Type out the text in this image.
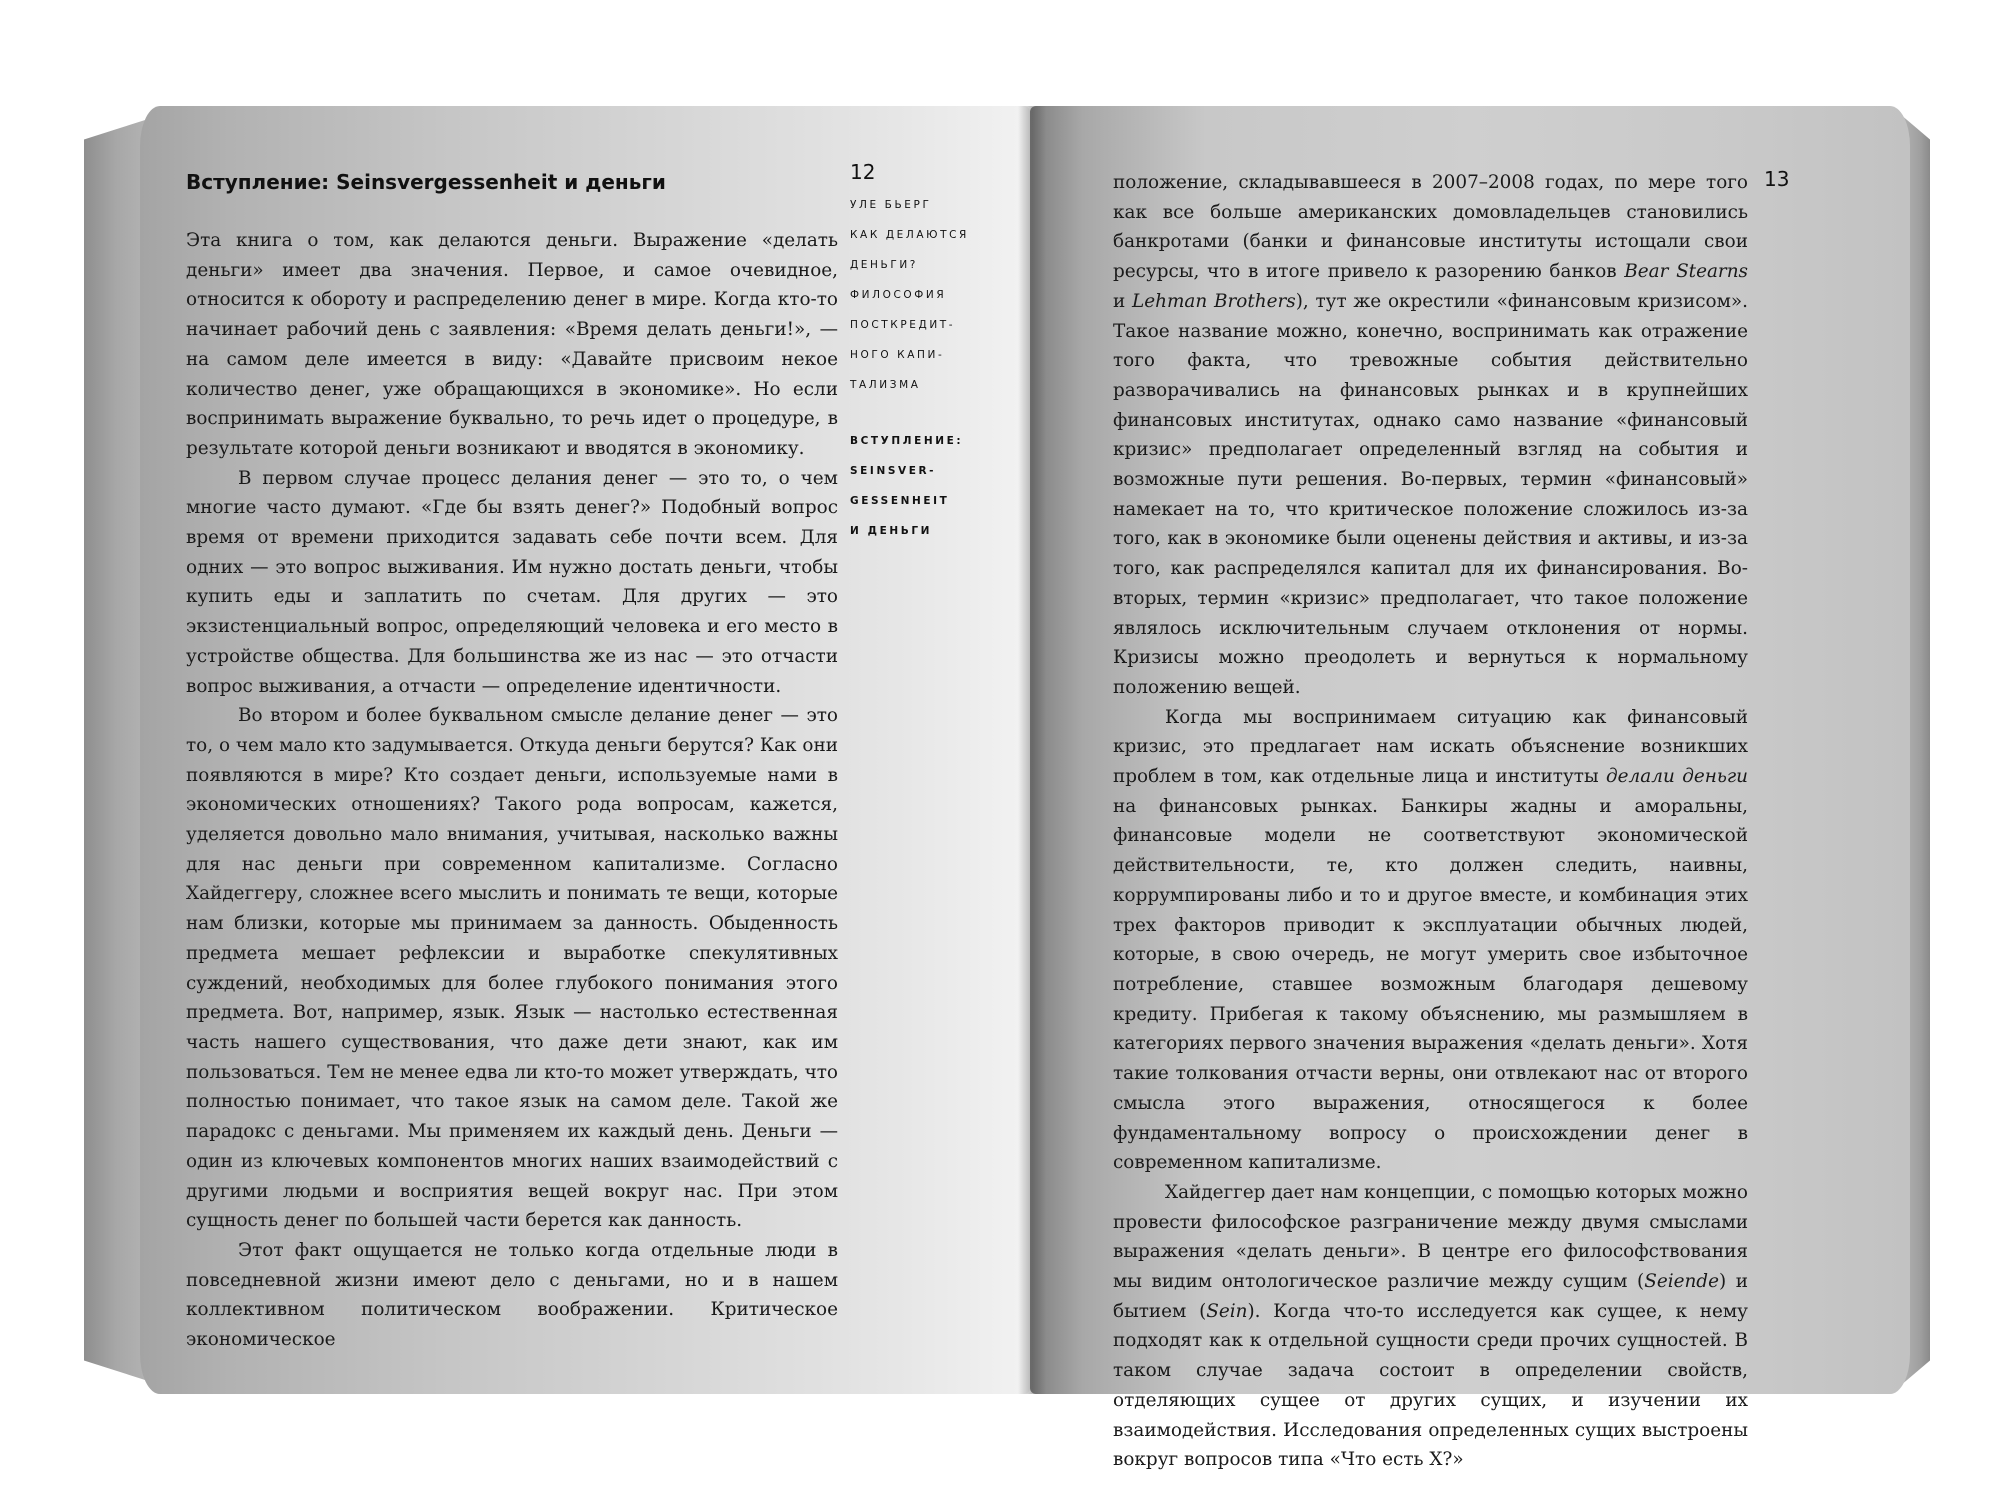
Вступление: Seinsvergessenheit и деньги

Эта книга о том, как делаются деньги. Выражение «делать деньги» имеет два значения. Первое, и самое очевидное, относится к обороту и распределению денег в мире. Когда кто-то начинает рабочий день с заявления: «Время делать деньги!», — на самом деле имеется в виду: «Давайте присвоим некое количество денег, уже обращающихся в экономике». Но если воспринимать выражение буквально, то речь идет о процедуре, в результате которой деньги возникают и вводятся в экономику.

В первом случае процесс делания денег — это то, о чем многие часто думают. «Где бы взять денег?» Подобный вопрос время от времени приходится задавать себе почти всем. Для одних — это вопрос выживания. Им нужно достать деньги, чтобы купить еды и заплатить по счетам. Для других — это экзистенциальный вопрос, определяющий человека и его место в устройстве общества. Для большинства же из нас — это отчасти вопрос выживания, а отчасти — определение идентичности.

Во втором и более буквальном смысле делание денег — это то, о чем мало кто задумывается. Откуда деньги берутся? Как они появляются в мире? Кто создает деньги, используемые нами в экономических отношениях? Такого рода вопросам, кажется, уделяется довольно мало внимания, учитывая, насколько важны для нас деньги при современном капитализме. Согласно Хайдеггеру, сложнее всего мыслить и понимать те вещи, которые нам близки, которые мы принимаем за данность. Обыденность предмета мешает рефлексии и выработке спекулятивных суждений, необходимых для более глубокого понимания этого предмета. Вот, например, язык. Язык — настолько естественная часть нашего существования, что даже дети знают, как им пользоваться. Тем не менее едва ли кто-то может утверждать, что полностью понимает, что такое язык на самом деле. Такой же парадокс с деньгами. Мы применяем их каждый день. Деньги — один из ключевых компонентов многих наших взаимодействий с другими людьми и восприятия вещей вокруг нас. При этом сущность денег по большей части берется как данность.

Этот факт ощущается не только когда отдельные люди в повседневной жизни имеют дело с деньгами, но и в нашем коллективном политическом воображении. Критическое экономическое

12
УЛЕ БЬЕРГ
КАК ДЕЛАЮТСЯ
ДЕНЬГИ?
ФИЛОСОФИЯ
ПОСТКРЕДИТ-
НОГО КАПИ-
ТАЛИЗМА
ВСТУПЛЕНИЕ:
SEINSVER-
GESSENHEIT
И ДЕНЬГИ
13

положение, складывавшееся в 2007–2008 годах, по мере того как все больше американских домовладельцев становились банкротами (банки и финансовые институты истощали свои ресурсы, что в итоге привело к разорению банков Bear Stearns и Lehman Brothers), тут же окрестили «финансовым кризисом». Такое название можно, конечно, воспринимать как отражение того факта, что тревожные события действительно разворачивались на финансовых рынках и в крупнейших финансовых институтах, однако само название «финансовый кризис» предполагает определенный взгляд на события и возможные пути решения. Во-первых, термин «финансовый» намекает на то, что критическое положение сложилось из-за того, как в экономике были оценены действия и активы, и из-за того, как распределялся капитал для их финансирования. Во-вторых, термин «кризис» предполагает, что такое положение являлось исключительным случаем отклонения от нормы. Кризисы можно преодолеть и вернуться к нормальному положению вещей.

Когда мы воспринимаем ситуацию как финансовый кризис, это предлагает нам искать объяснение возникших проблем в том, как отдельные лица и институты делали деньги на финансовых рынках. Банкиры жадны и аморальны, финансовые модели не соответствуют экономической действительности, те, кто должен следить, наивны, коррумпированы либо и то и другое вместе, и комбинация этих трех факторов приводит к эксплуатации обычных людей, которые, в свою очередь, не могут умерить свое избыточное потребление, ставшее возможным благодаря дешевому кредиту. Прибегая к такому объяснению, мы размышляем в категориях первого значения выражения «делать деньги». Хотя такие толкования отчасти верны, они отвлекают нас от второго смысла этого выражения, относящегося к более фундаментальному вопросу о происхождении денег в современном капитализме.

Хайдеггер дает нам концепции, с помощью которых можно провести философское разграничение между двумя смыслами выражения «делать деньги». В центре его философствования мы видим онтологическое различие между сущим (Seiende) и бытием (Sein). Когда что-то исследуется как сущее, к нему подходят как к отдельной сущности среди прочих сущностей. В таком случае задача состоит в определении свойств, отделяющих сущее от других сущих, и изучении их взаимодействия. Исследования определенных сущих выстроены вокруг вопросов типа «Что есть X?»
